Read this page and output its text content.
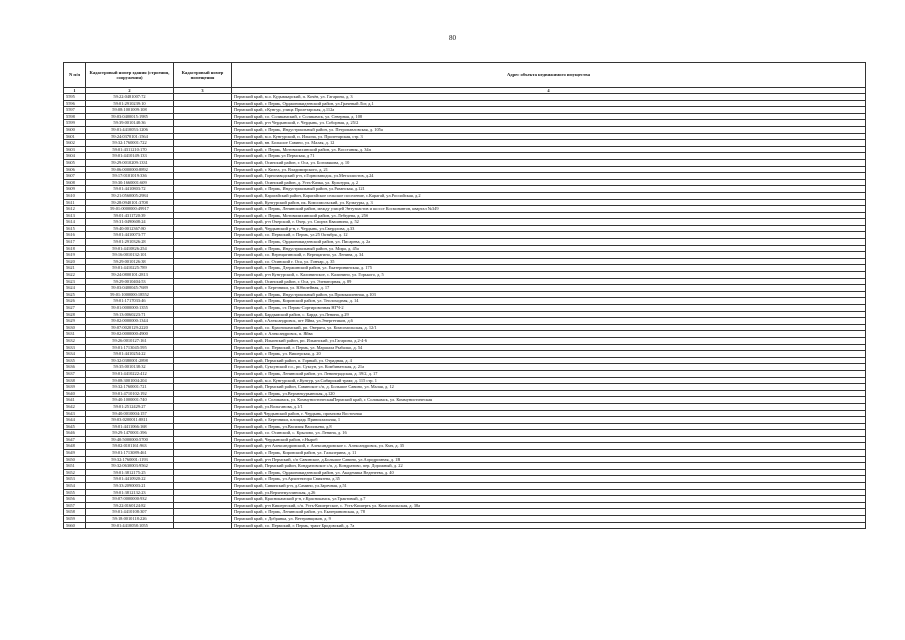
80
N п/п	Кадастровый номер здания (строения, сооружения)	Кадастровый номер помещения	Адрес объекта недвижимого имущества
1	2	3	4
5595	59:22:0481007:72		Пермский край, м.о. Кудымкарский, п. Кочёв, ул. Гагарина, д. 3
5596	59:01:2910239:10		Пермский край, г. Пермь, Орджоникидзевский район, ул.Грачевый Лог, д.1
5597	59:08:1001009:108		Пермский край, г.Кунгур, улица Пролетарская, д.112а
5598	59:03:0400015:1985		Пермский край, г.о. Соликамский, г. Соликамск, ул. Северная, д. 108
5599	59:39:0010148:36		Пермский край, р-н Чердынский, г. Чердынь, ул. Соборная, д. 25/2
5600	59:01:4410053:1206		Пермский край, г. Пермь, Индустриальный район, ул. Петропавловская, д. 105а
5601	59:24:0370101:1564		Пермский край, м.о. Кунгурский, п. Ильича, ул. Пролетарская, стр. 3
5602	59:32:1760001:722		Пермский край, вн. Большое Савино, ул. Малая, д. 12
5603	59:01:4311210:170		Пермский край, г. Пермь, Мотовилихинский район, ул. Восстания, д. 34п
5604	59:01:4410149:133		Пермский край, г. Пермь ул Пермская, д 71
5605	59:29:0010209:1331		Пермский край, Осинский район, г. Оса, ул. Богомякова, д. 10
5606	59:06:0000000:8892		Пермский край, г. Кизел, ул. Владимирского, д. 21
5607	59:17:0101019:336		Пермский край, Горнозаводский р-н, г.Горнозаводск, ул.Металлистов, д.24
5608	59:30:1660001:609		Пермский край, Осинский район, д. Усть-Качка, ул. Культуры, д. 2
5609	59:01:4410803:72		Пермский край, г. Пермь, Индустриальный район, ул.Рязанская, д.121
5610	59:21:0560005:2984		Пермский край, Карагайский район, Карагайское сельское поселение, с.Карагай, ул.Российская, д.2
5611	59:28:0940101:3708		Пермский край, Кунгурский район, пк. Комсомольский, ул. Культуры, д. 3
5612	59:01:0000000:49917		Пермский край, г. Пермь, Ленинский район, между улицей Энтузиастов и шоссе Космонавтов, квартал №349
5613	59:01:4311720:39		Пермский край, г. Пермь, Мотовилихинский район, ул. Лебедева, д. 25б
5614	59:31:0490608:24		Пермский край, р-н Очерский, г. Очер, ул. Спорта Квашнина, д. 52
5615	59:40:0012367:80		Пермский край, Чердынский р-н, г. Чердынь, ул.Свердлова, д.33
5616	59:01:4410073:77		Пермский край, г.о. Пермский, г. Пермь, ул.25 Октября, д. 12
5617	59:01:2910326:28		Пермский край, г. Пермь, Орджоникидзевский район, ул. Писарева, д. 2а
5618	59:01:4410826:254		Пермский край, г. Пермь, Индустриальный район, ул. Мира, д. 45а
5619	59:16:0010132:101		Пермский край, г.о. Верещагинский, г. Верещагино, ул. Ленина, д. 34
5620	59:29:0010126:38		Пермский край, г.о. Осинский г. Оса, ул. Гончар, д. 35
5621	59:01:4410225:789		Пермский край, г. Пермь, Дзержинский район, ул. Екатерининская, д. 175
5622	59:24:0800101:2813		Пермский край, р-н Кунгурский, с. Калининское, с. Калинино, ул. Горького, д. 5
5623	59:29:0010404:53		Пермский край, Осинский район, г. Оса, ул. Элеваторная, д. 89
5624	59:03:0400045:7689		Пермский край, г. Березники, ул. Юбилейная, д. 17
5625	59:01:1000000:18552		Пермский край, г. Пермь, Индустриальный район, ул.Промышленная, д.103
5626	59:01:1717033:46		Пермский край, г. Пермь, Кировский район, ул. Теплоходная, д. 14
5627	59:01:0000000:1355		Пермский край, г. Пермь, ст. Пермь-Сортировочная НГЧ-2
5628	59:13:0060223:71		Пермский край, Бардымский район, с. Барда, ул.Ленина, д.29
5629	59:02:0000000:1344		Пермский край, г.Александровск, пгт Яйва, ул.Энергетиков, д.6
5630	59:07:0020129:2220		Пермский край, г.о. Краснокамский, рп. Оверята, ул. Комсомольская, д. 12/1
5631	59:02:0000000:4900		Пермский край, г. Александровск, п. Яйва
5632	59:26:0010127:161		Пермский край, Ильинский район, рп. Ильинский, ул.Гагарина, д.2-4-6
5633	59:01:1713045:595		Пермский край, г.о. Пермский, г. Пермь, ул. Маршала Рыбалко, д. 54
5634	59:01:4410254:22		Пермский край, г. Пермь, ул. Вишерская, д. 20
5635	59:32:0380001:2898		Пермский край, Пермский район, п. Горный, ул. Отрадная, д. 4
5636	59:35:0010138:32		Пермский край, Суксунский г.о., рп. Суксун, ул. Комбинатская, д. 21а
5637	59:01:4410222:412		Пермский край, г. Пермь, Ленинский район, ул. Ленинградская, д. 39/2, д. 17
5638	59:08:3001004:204		Пермский край, м.о. Кунгурский, г.Кунгур, ул.Сибирский тракт, д. 115 стр. 1
5639	59:32:1760001:721		Пермский край, Пермский район, Савинское с/п, д. Большое Савино, ул. Малая, д. 12
5640	59:01:4710102:192		Пермский край, г. Пермь, ул.Верхнекурьинская, д.120
5641	59:40:1000001:740		Пермский край, г. Соликамск, ул. КоммунистическаяПермский край, г. Соликамск, ул. Коммунистическая
5642	59:01:2512429:27		Пермский край, ул.Вольганова, д.1/1
5643	59:40:0010004:157		Пермский край Чердынский район, г. Чердынь, промзона Восточная
5644	59:03:0200011:8811		Пермский край, г. Березники, площадь Привокзальная, 1
5645	59:01:4411066:168		Пермский край, г. Пермь, ул.Василия Васильева, д.8
5646	59:29:1470001:396		Пермский край, г.о. Осинский, с. Крылово, ул. Ленина, д. 16
5647	59:40:5000000:5700		Пермский край, Чердынский район, г.Ныроб
5648	59:02:0101161:963		Пермский край, р-н Александровский, г. Александровское с. Александровск, ул. Кмч, д. 35
5649	59:01:1713089:461		Пермский край, г. Пермь, Кировский район, ул. Гальперина, д. 11
5650	59:32:1760001:1193		Пермский край, р-н Пермский, с/п Савинское, д.Большое Савино, ул.Аэродромная, д. 1В
5651	59:32:0630003:9562		Пермский край, Пермский район, Кондратовское с/п, д. Кондратово, пер. Дорожный, д. 22
5652	59:01:3812175:25		Пермский край, г. Пермь, Орджоникидзевский район, ул. Академика Веденеева, д. 40
5653	59:01:4410920:22		Пермский край, г. Пермь, ул.Архитектора Свиязева, д.35
5654	59:33:2090003:21		Пермский край, Сивинский р-н, д.Самино, ул.Заречная, д.51
5655	59:01:3812132:23		Пермский край, ул.Верхнемуллинская, д.26
5656	59:07:0000000:932		Пермский край, Краснокамский р-н, г.Краснокамск, ул.Трактовый, д.7
5657	59:22:0160124:82		Пермский край, р-н Кишертский, с/п. Усть-Кишертское, с. Усть-Кишерть ул. Комсомольская, д. 38а
5658	59:01:4410108:307		Пермский край, г. Пермь, Ленинский район, ул. Екатерининская, д. 78
5659	59:18:0010118:226		Пермский край, г. Добрянка, ул. Ветеранщиков, д. 9
5660	59:01:4410058:1055		Пермский край, г.о. Пермский, г. Пермь, тракт Бродовский, д. 7а
